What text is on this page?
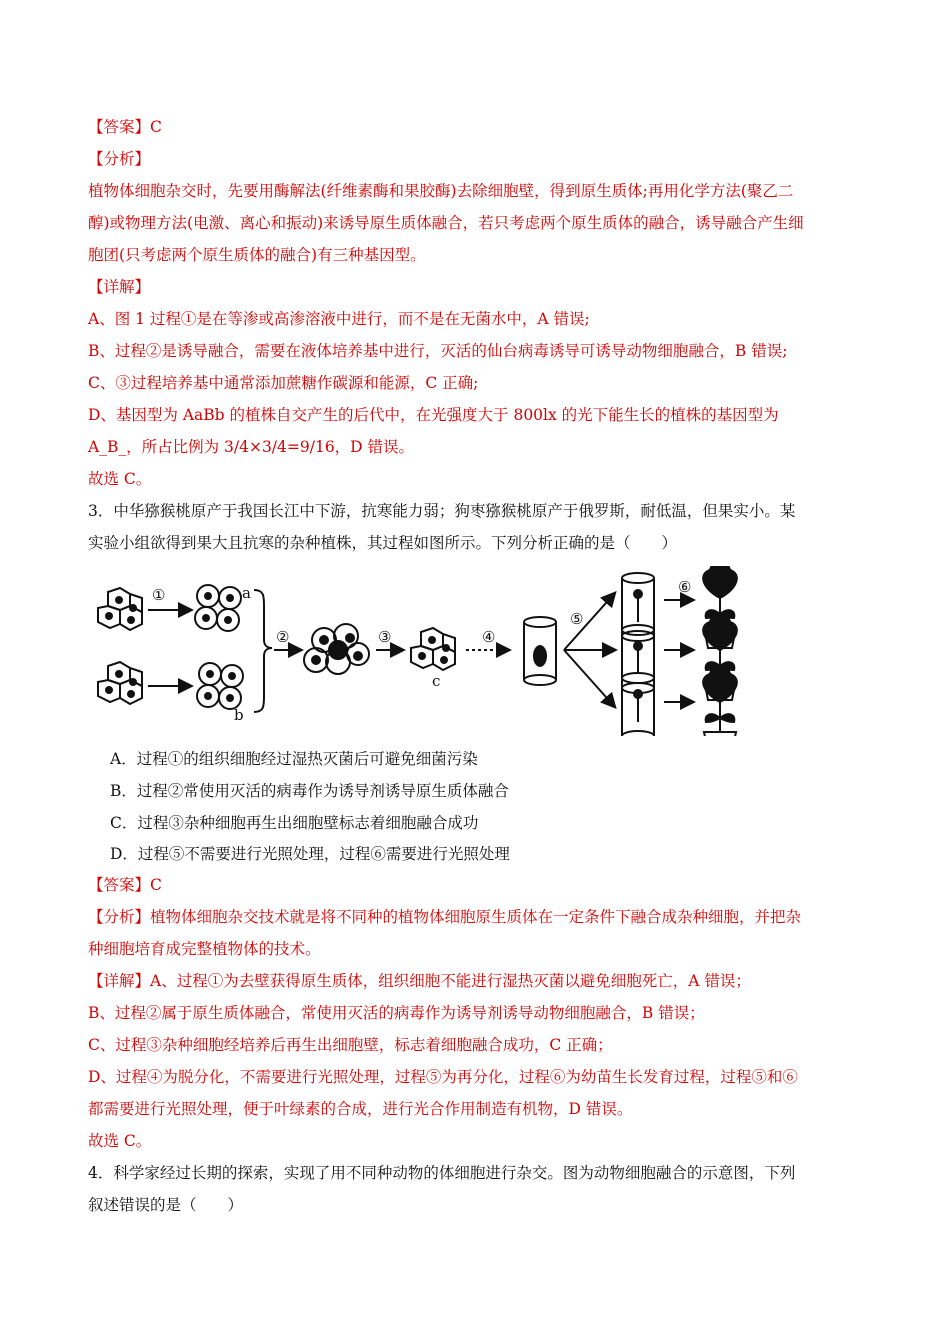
【答案】C
【分析】
植物体细胞杂交时，先要用酶解法(纤维素酶和果胶酶)去除细胞壁，得到原生质体;再用化学方法(聚乙二
醇)或物理方法(电激、离心和振动)来诱导原生质体融合，若只考虑两个原生质体的融合，诱导融合产生细
胞团(只考虑两个原生质体的融合)有三种基因型。
【详解】
A、图 1 过程①是在等渗或高渗溶液中进行，而不是在无菌水中，A 错误;
B、过程②是诱导融合，需要在液体培养基中进行，灭活的仙台病毒诱导可诱导动物细胞融合，B 错误;
C、③过程培养基中通常添加蔗糖作碳源和能源，C 正确;
D、基因型为 AaBb 的植株自交产生的后代中，在光强度大于 800lx 的光下能生长的植株的基因型为
A_B_，所占比例为 3/4×3/4=9/16，D 错误。
故选 C。
3．中华猕猴桃原产于我国长江中下游，抗寒能力弱；狗枣猕猴桃原产于俄罗斯，耐低温，但果实小。某
实验小组欲得到果大且抗寒的杂种植株，其过程如图所示。下列分析正确的是（　　）
①	a
b
②	③
c
④
⑤
⑥
A．过程①的组织细胞经过湿热灭菌后可避免细菌污染
B．过程②常使用灭活的病毒作为诱导剂诱导原生质体融合
C．过程③杂种细胞再生出细胞壁标志着细胞融合成功
D．过程⑤不需要进行光照处理，过程⑥需要进行光照处理
【答案】C
【分析】植物体细胞杂交技术就是将不同种的植物体细胞原生质体在一定条件下融合成杂种细胞，并把杂
种细胞培育成完整植物体的技术。
【详解】A、过程①为去壁获得原生质体，组织细胞不能进行湿热灭菌以避免细胞死亡，A 错误；
B、过程②属于原生质体融合，常使用灭活的病毒作为诱导剂诱导动物细胞融合，B 错误；
C、过程③杂种细胞经培养后再生出细胞壁，标志着细胞融合成功，C 正确；
D、过程④为脱分化，不需要进行光照处理，过程⑤为再分化，过程⑥为幼苗生长发育过程，过程⑤和⑥
都需要进行光照处理，便于叶绿素的合成，进行光合作用制造有机物，D 错误。
故选 C。
4．科学家经过长期的探索，实现了用不同种动物的体细胞进行杂交。图为动物细胞融合的示意图，下列
叙述错误的是（　　）
